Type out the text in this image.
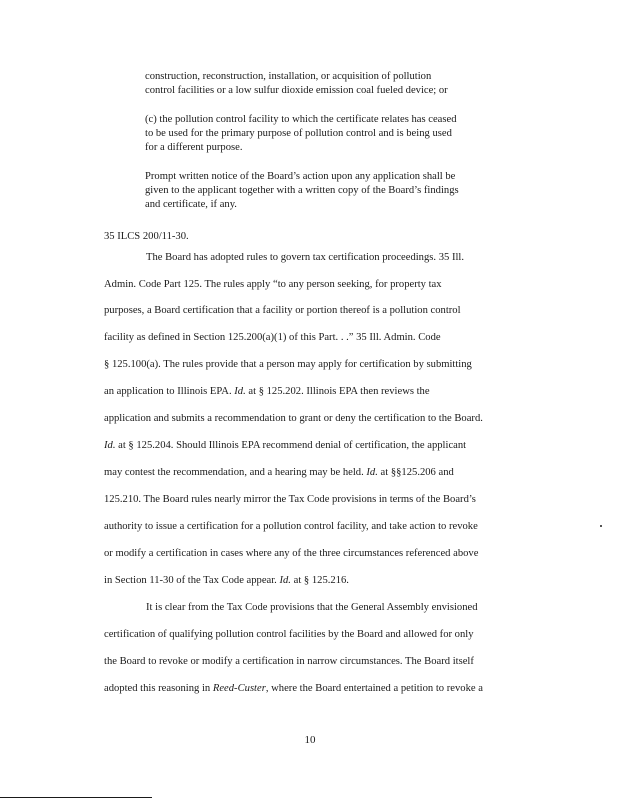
construction, reconstruction, installation, or acquisition of pollution
control facilities or a low sulfur dioxide emission coal fueled device; or
(c) the pollution control facility to which the certificate relates has ceased
to be used for the primary purpose of pollution control and is being used
for a different purpose.
Prompt written notice of the Board’s action upon any application shall be
given to the applicant together with a written copy of the Board’s findings
and certificate, if any.
35 ILCS 200/11-30.
The Board has adopted rules to govern tax certification proceedings. 35 Ill.
Admin. Code Part 125. The rules apply “to any person seeking, for property tax
purposes, a Board certification that a facility or portion thereof is a pollution control
facility as defined in Section 125.200(a)(1) of this Part. . .” 35 Ill. Admin. Code
§ 125.100(a). The rules provide that a person may apply for certification by submitting
an application to Illinois EPA. Id. at § 125.202. Illinois EPA then reviews the
application and submits a recommendation to grant or deny the certification to the Board.
Id. at § 125.204. Should Illinois EPA recommend denial of certification, the applicant
may contest the recommendation, and a hearing may be held. Id. at §§125.206 and
125.210. The Board rules nearly mirror the Tax Code provisions in terms of the Board’s
authority to issue a certification for a pollution control facility, and take action to revoke
or modify a certification in cases where any of the three circumstances referenced above
in Section 11-30 of the Tax Code appear. Id. at § 125.216.
It is clear from the Tax Code provisions that the General Assembly envisioned
certification of qualifying pollution control facilities by the Board and allowed for only
the Board to revoke or modify a certification in narrow circumstances. The Board itself
adopted this reasoning in Reed-Custer, where the Board entertained a petition to revoke a
10
